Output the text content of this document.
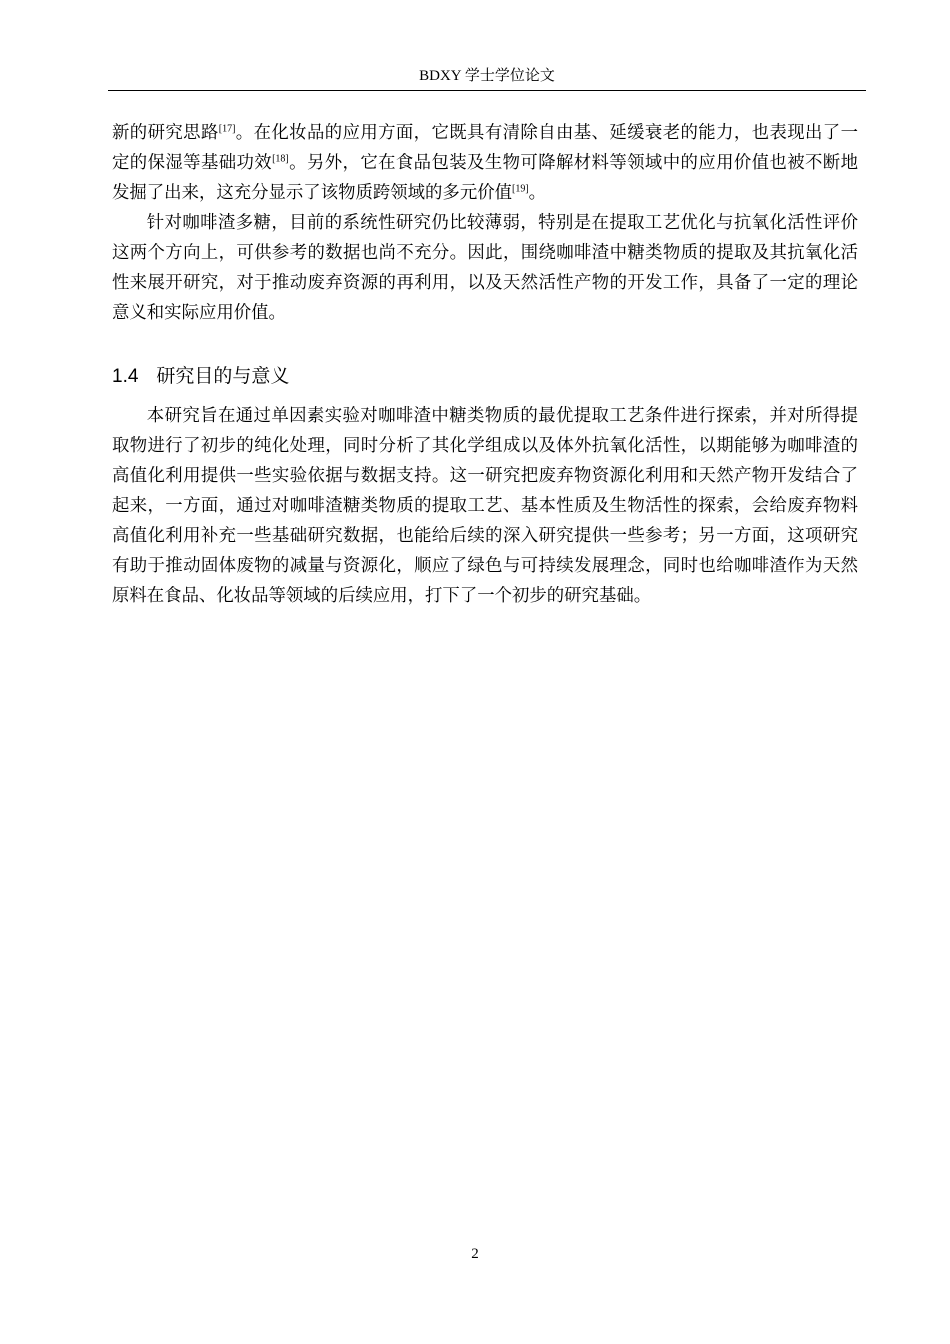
BDXY 学士学位论文

新的研究思路[17]。在化妆品的应用方面，它既具有清除自由基、延缓衰老的能力，也表现出了一定的保湿等基础功效[18]。另外，它在食品包装及生物可降解材料等领域中的应用价值也被不断地发掘了出来，这充分显示了该物质跨领域的多元价值[19]。

针对咖啡渣多糖，目前的系统性研究仍比较薄弱，特别是在提取工艺优化与抗氧化活性评价这两个方向上，可供参考的数据也尚不充分。因此，围绕咖啡渣中糖类物质的提取及其抗氧化活性来展开研究，对于推动废弃资源的再利用，以及天然活性产物的开发工作，具备了一定的理论意义和实际应用价值。

1.4 研究目的与意义

本研究旨在通过单因素实验对咖啡渣中糖类物质的最优提取工艺条件进行探索，并对所得提取物进行了初步的纯化处理，同时分析了其化学组成以及体外抗氧化活性，以期能够为咖啡渣的高值化利用提供一些实验依据与数据支持。这一研究把废弃物资源化利用和天然产物开发结合了起来，一方面，通过对咖啡渣糖类物质的提取工艺、基本性质及生物活性的探索，会给废弃物料高值化利用补充一些基础研究数据，也能给后续的深入研究提供一些参考；另一方面，这项研究有助于推动固体废物的减量与资源化，顺应了绿色与可持续发展理念，同时也给咖啡渣作为天然原料在食品、化妆品等领域的后续应用，打下了一个初步的研究基础。

2
